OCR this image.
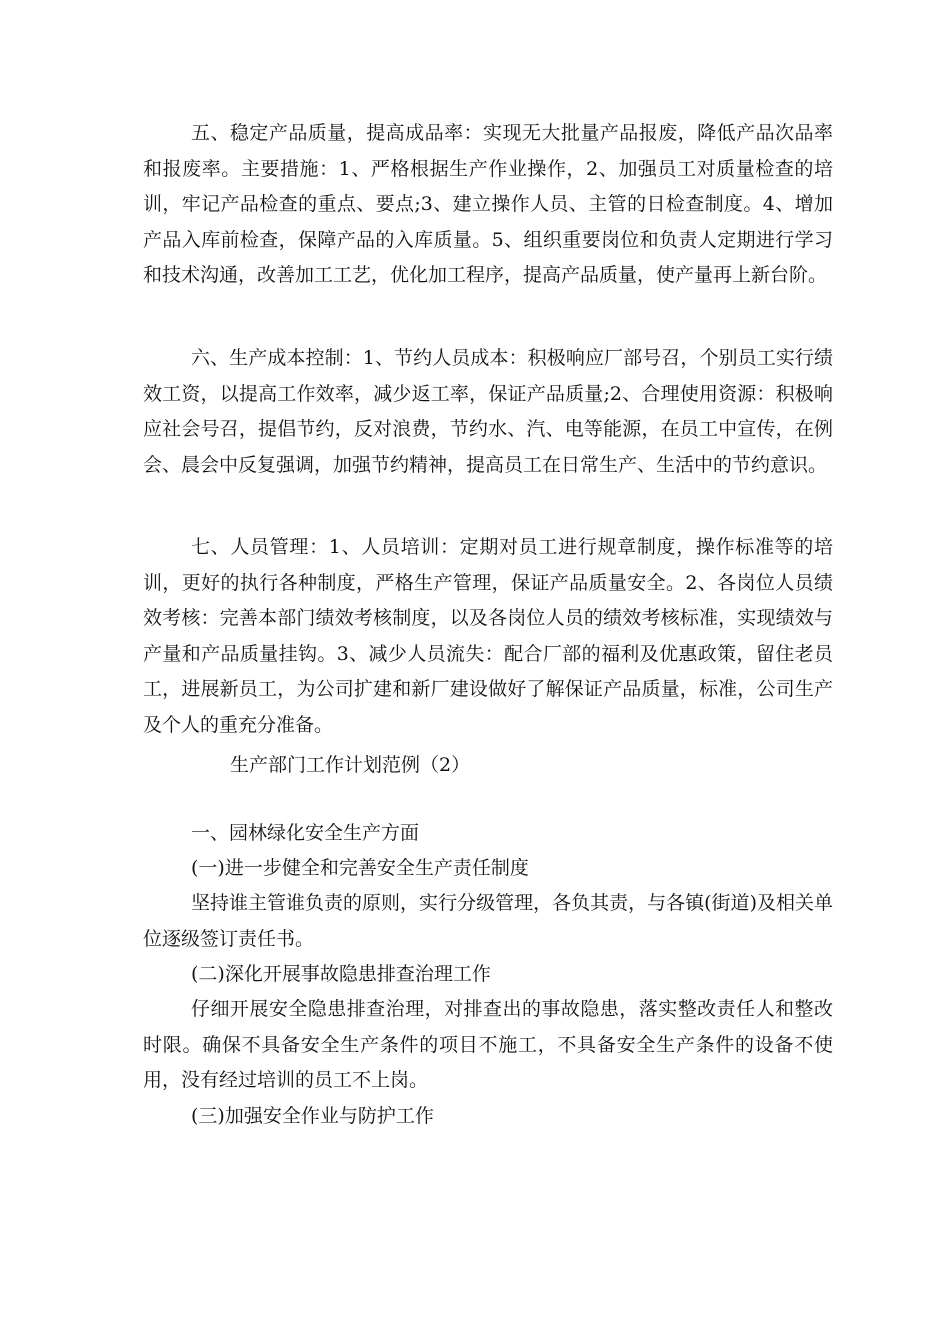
五、稳定产品质量，提高成品率：实现无大批量产品报废，降低产品次品率和报废率。主要措施：1、严格根据生产作业操作，2、加强员工对质量检查的培训，牢记产品检查的重点、要点;3、建立操作人员、主管的日检查制度。4、增加产品入库前检查，保障产品的入库质量。5、组织重要岗位和负责人定期进行学习和技术沟通，改善加工工艺，优化加工程序，提高产品质量，使产量再上新台阶。

六、生产成本控制：1、节约人员成本：积极响应厂部号召，个别员工实行绩效工资，以提高工作效率，减少返工率，保证产品质量;2、合理使用资源：积极响应社会号召，提倡节约，反对浪费，节约水、汽、电等能源，在员工中宣传，在例会、晨会中反复强调，加强节约精神，提高员工在日常生产、生活中的节约意识。

七、人员管理：1、人员培训：定期对员工进行规章制度，操作标准等的培训，更好的执行各种制度，严格生产管理，保证产品质量安全。2、各岗位人员绩效考核：完善本部门绩效考核制度，以及各岗位人员的绩效考核标准，实现绩效与产量和产品质量挂钩。3、减少人员流失：配合厂部的福利及优惠政策，留住老员工，进展新员工，为公司扩建和新厂建设做好了解保证产品质量，标准，公司生产及个人的重充分准备。

生产部门工作计划范例（2）
一、园林绿化安全生产方面
(一)进一步健全和完善安全生产责任制度

坚持谁主管谁负责的原则，实行分级管理，各负其责，与各镇(街道)及相关单位逐级签订责任书。

(二)深化开展事故隐患排查治理工作

仔细开展安全隐患排查治理，对排查出的事故隐患，落实整改责任人和整改时限。确保不具备安全生产条件的项目不施工，不具备安全生产条件的设备不使用，没有经过培训的员工不上岗。

(三)加强安全作业与防护工作
